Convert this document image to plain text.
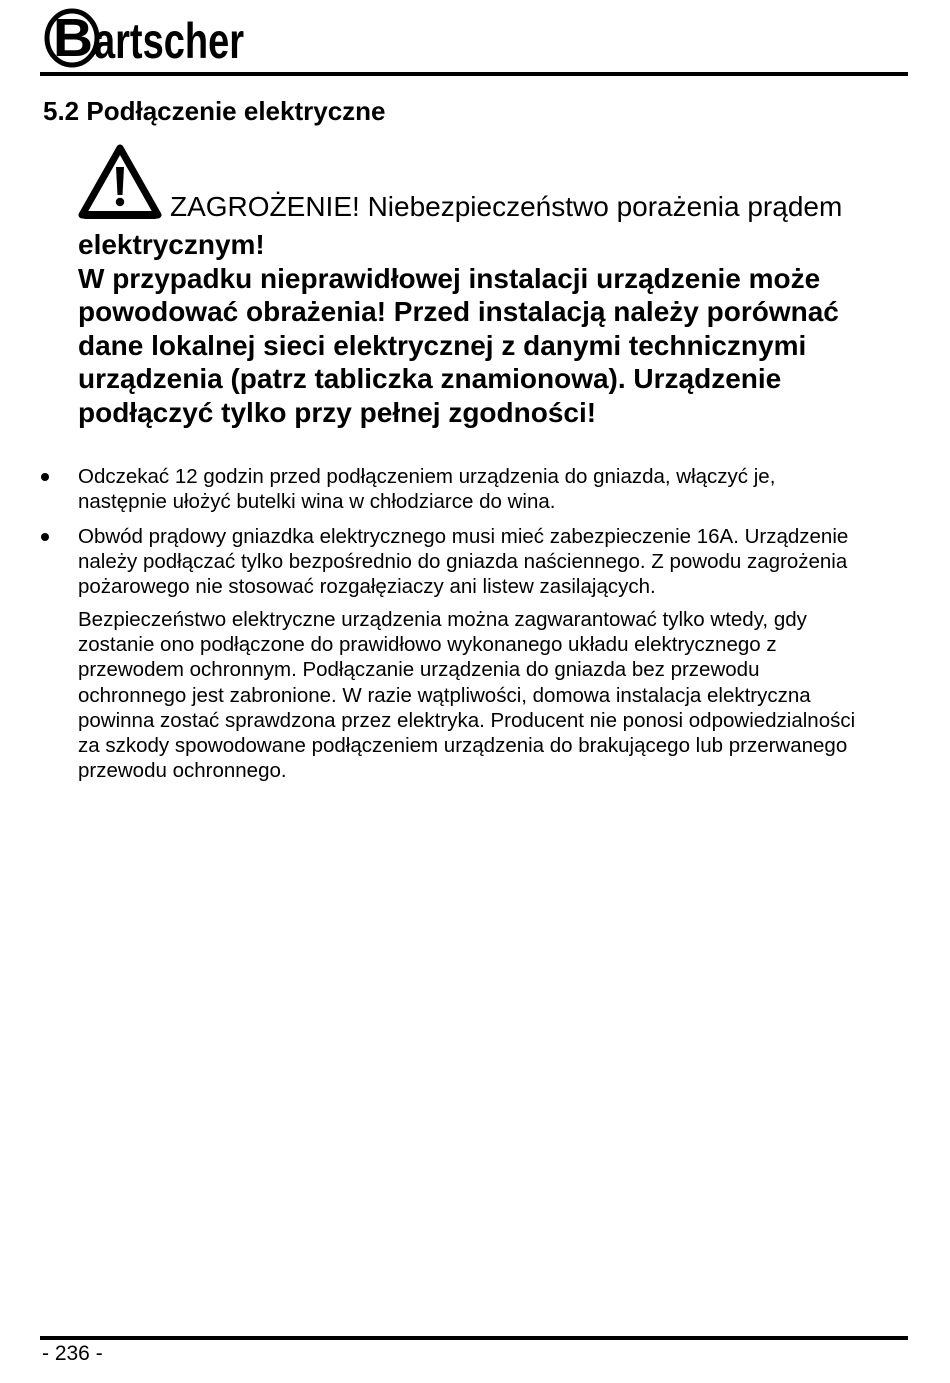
B artscher
5.2 Podłączenie elektryczne

ZAGROŻENIE! Niebezpieczeństwo porażenia prądem

elektrycznym!
W przypadku nieprawidłowej instalacji urządzenie może
powodować obrażenia! Przed instalacją należy porównać
dane lokalnej sieci elektrycznej z danymi technicznymi
urządzenia (patrz tabliczka znamionowa). Urządzenie
podłączyć tylko przy pełnej zgodności!
Odczekać 12 godzin przed podłączeniem urządzenia do gniazda, włączyć je,
następnie ułożyć butelki wina w chłodziarce do wina.
Obwód prądowy gniazdka elektrycznego musi mieć zabezpieczenie 16A. Urządzenie
należy podłączać tylko bezpośrednio do gniazda naściennego. Z powodu zagrożenia
pożarowego nie stosować rozgałęziaczy ani listew zasilających.
Bezpieczeństwo elektryczne urządzenia można zagwarantować tylko wtedy, gdy
zostanie ono podłączone do prawidłowo wykonanego układu elektrycznego z
przewodem ochronnym. Podłączanie urządzenia do gniazda bez przewodu
ochronnego jest zabronione. W razie wątpliwości, domowa instalacja elektryczna
powinna zostać sprawdzona przez elektryka. Producent nie ponosi odpowiedzialności
za szkody spowodowane podłączeniem urządzenia do brakującego lub przerwanego
przewodu ochronnego.

- 236 -
